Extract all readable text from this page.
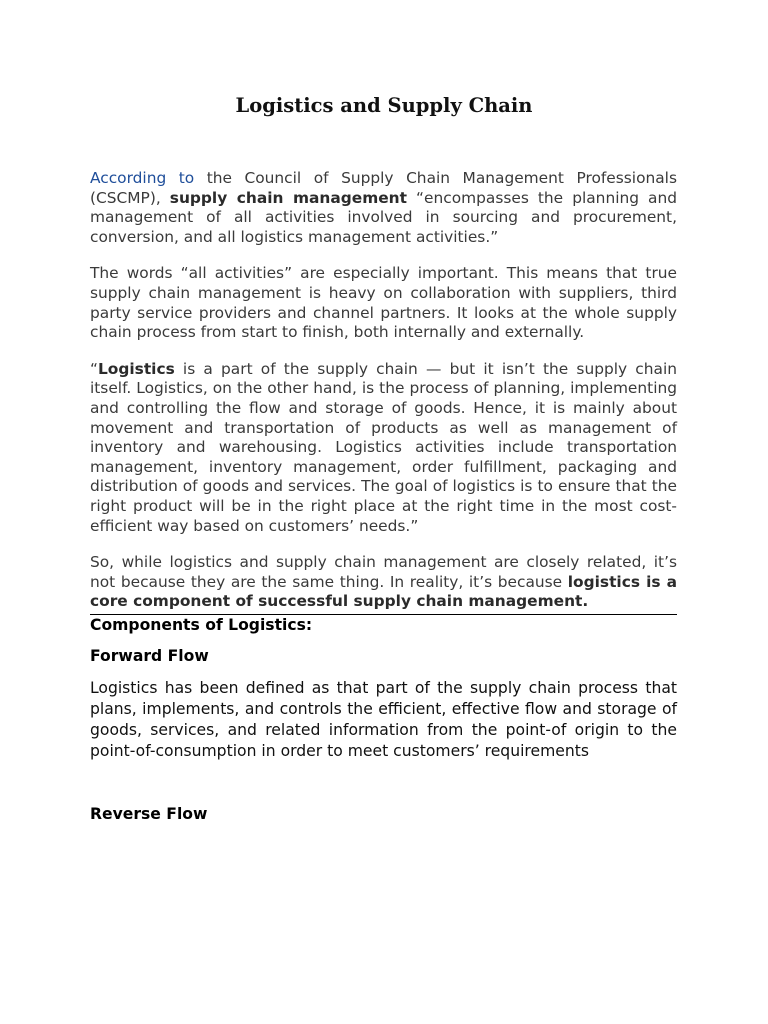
Logistics and Supply Chain

According to the Council of Supply Chain Management Professionals (CSCMP), supply chain management “encompasses the planning and management of all activities involved in sourcing and procurement, conversion, and all logistics management activities.”

The words “all activities” are especially important. This means that true supply chain management is heavy on collaboration with suppliers, third party service providers and channel partners. It looks at the whole supply chain process from start to finish, both internally and externally.

“Logistics is a part of the supply chain — but it isn’t the supply chain itself. Logistics, on the other hand, is the process of planning, implementing and controlling the flow and storage of goods. Hence, it is mainly about movement and transportation of products as well as management of inventory and warehousing. Logistics activities include transportation management, inventory management, order fulfillment, packaging and distribution of goods and services. The goal of logistics is to ensure that the right product will be in the right place at the right time in the most cost-efficient way based on customers’ needs.”

So, while logistics and supply chain management are closely related, it’s not because they are the same thing. In reality, it’s because logistics is a core component of successful supply chain management.

Components of Logistics:
Forward Flow

Logistics has been defined as that part of the supply chain process that plans, implements, and controls the efficient, effective flow and storage of goods, services, and related information from the point-of origin to the point-of-consumption in order to meet customers’ requirements

Reverse Flow
